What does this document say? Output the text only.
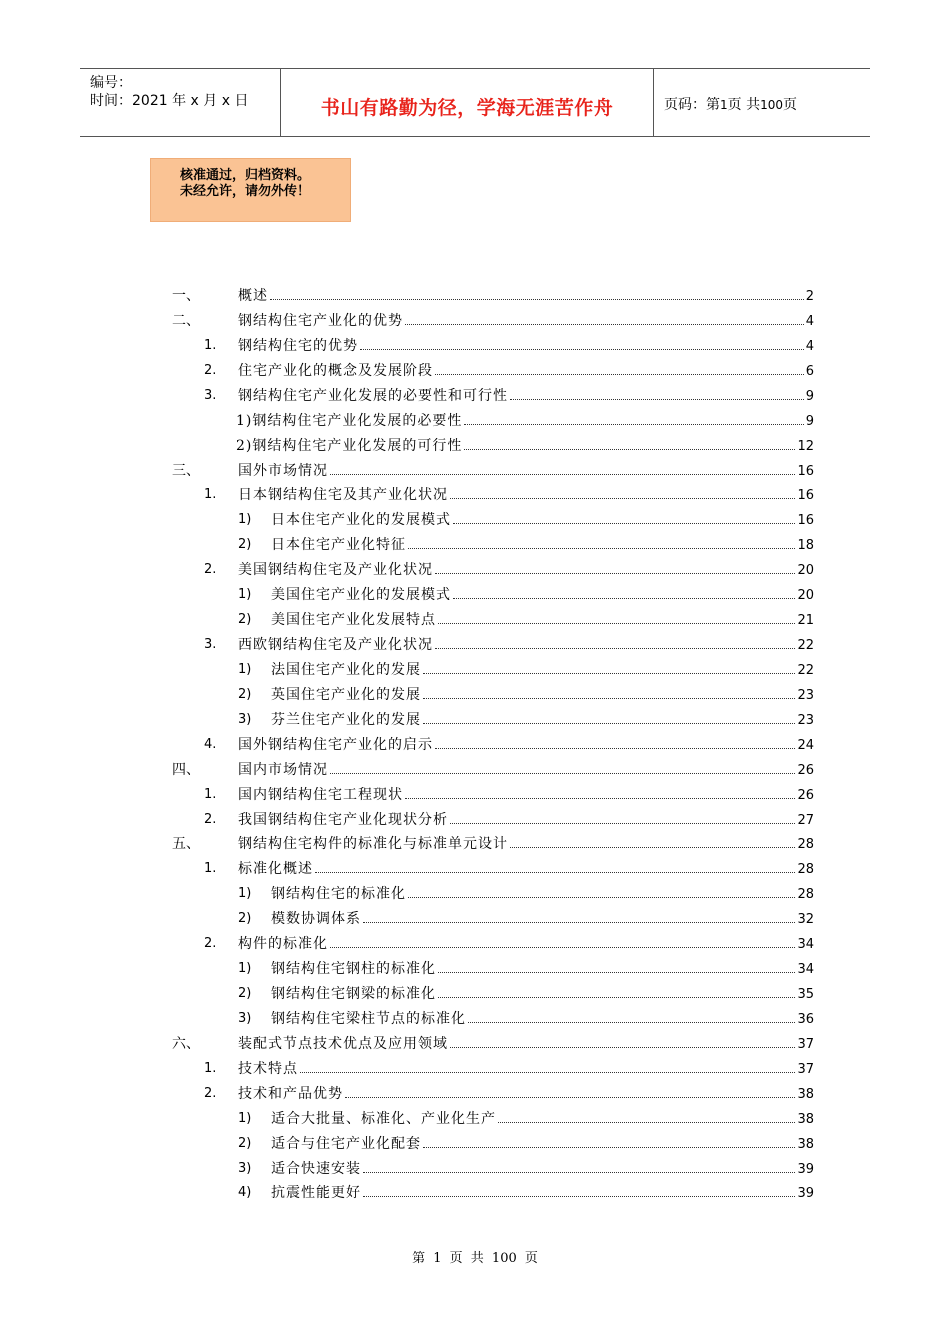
编号：
时间：2021 年 x 月 x 日	书山有路勤为径，学海无涯苦作舟	页码：第1页 共100页
核准通过，归档资料。
未经允许，请勿外传！
一、	概述	2
二、	钢结构住宅产业化的优势	4
1. 钢结构住宅的优势	4
2. 住宅产业化的概念及发展阶段	6
3. 钢结构住宅产业化发展的必要性和可行性	9
1)钢结构住宅产业化发展的必要性	9
2)钢结构住宅产业化发展的可行性	12
三、	国外市场情况	16
1. 日本钢结构住宅及其产业化状况	16
1) 日本住宅产业化的发展模式	16
2) 日本住宅产业化特征	18
2. 美国钢结构住宅及产业化状况	20
1) 美国住宅产业化的发展模式	20
2) 美国住宅产业化发展特点	21
3. 西欧钢结构住宅及产业化状况	22
1) 法国住宅产业化的发展	22
2) 英国住宅产业化的发展	23
3) 芬兰住宅产业化的发展	23
4. 国外钢结构住宅产业化的启示	24
四、	国内市场情况	26
1. 国内钢结构住宅工程现状	26
2. 我国钢结构住宅产业化现状分析	27
五、	钢结构住宅构件的标准化与标准单元设计	28
1. 标准化概述	28
1) 钢结构住宅的标准化	28
2) 模数协调体系	32
2. 构件的标准化	34
1) 钢结构住宅钢柱的标准化	34
2) 钢结构住宅钢梁的标准化	35
3) 钢结构住宅梁柱节点的标准化	36
六、	装配式节点技术优点及应用领域	37
1. 技术特点	37
2. 技术和产品优势	38
1) 适合大批量、标准化、产业化生产	38
2) 适合与住宅产业化配套	38
3) 适合快速安装	39
4) 抗震性能更好	39
第 1 页 共 100 页
